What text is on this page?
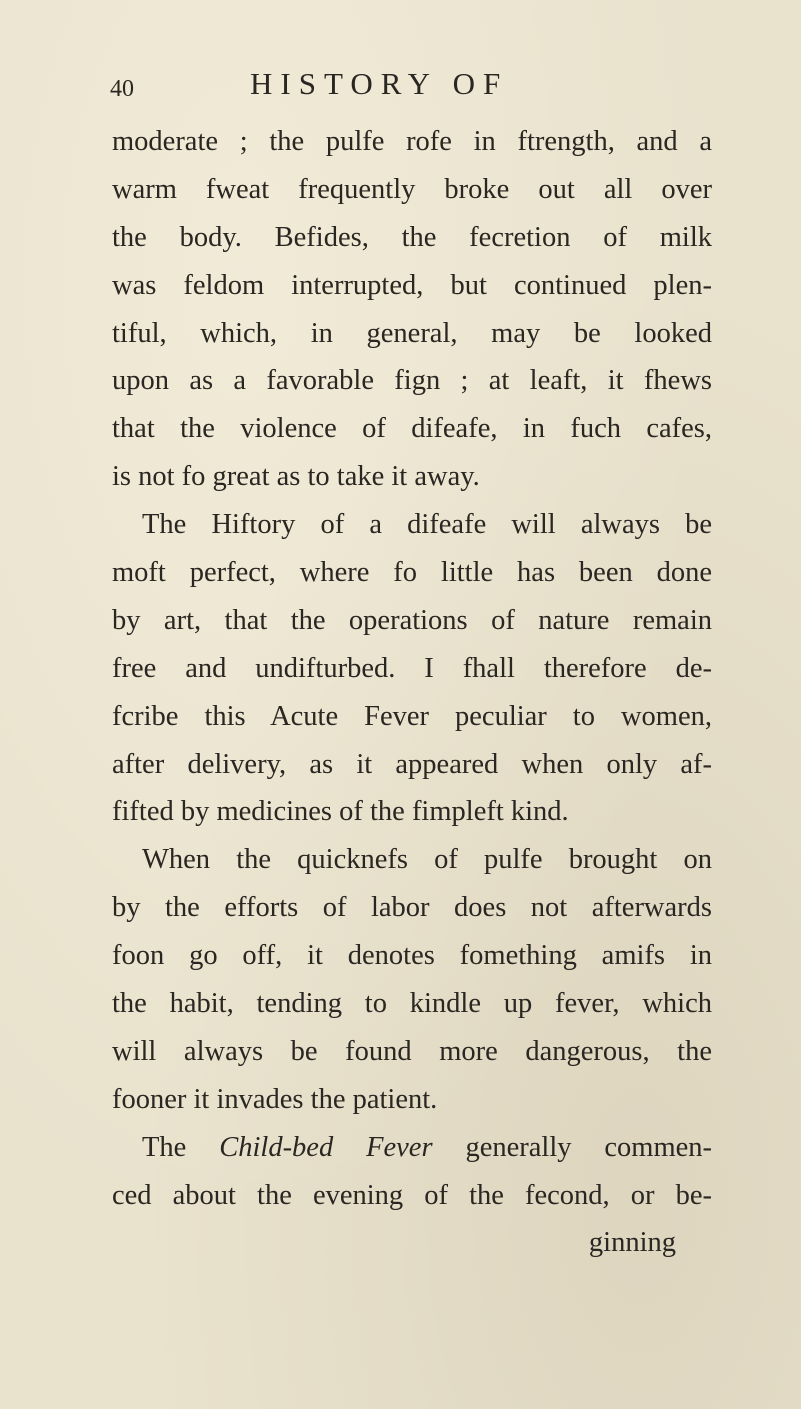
40	HISTORY OF
moderate ; the pulfe rofe in ftrength, and a
warm fweat frequently broke out all over
the body. Befides, the fecretion of milk
was feldom interrupted, but continued plen-
tiful, which, in general, may be looked
upon as a favorable fign ; at leaft, it fhews
that the violence of difeafe, in fuch cafes,
is not fo great as to take it away.
The Hiftory of a difeafe will always be
moft perfect, where fo little has been done
by art, that the operations of nature remain
free and undifturbed. I fhall therefore de-
fcribe this Acute Fever peculiar to women,
after delivery, as it appeared when only af-
fifted by medicines of the fimpleft kind.
When the quicknefs of pulfe brought on
by the efforts of labor does not afterwards
foon go off, it denotes fomething amifs in
the habit, tending to kindle up fever, which
will always be found more dangerous, the
fooner it invades the patient.
The Child-bed Fever generally commen-
ced about the evening of the fecond, or be-
ginning
